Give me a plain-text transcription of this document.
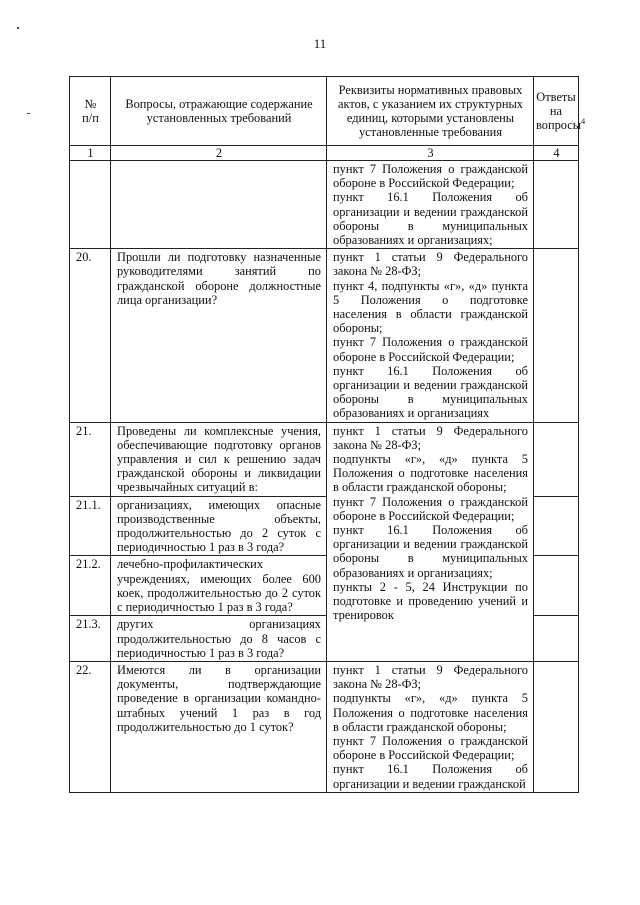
11
№
п/п	Вопросы, отражающие содержание установленных требований	Реквизиты нормативных правовых актов, с указанием их структурных единиц, которыми установлены установленные требования	Ответы на вопросы$^4$
1	2	3	4

		пункт 7 Положения о гражданской обороне в Российской Федерации;
пункт 16.1 Положения об организации и ведении гражданской обороны в муниципальных образованиях и организациях;	

20.	Прошли ли подготовку назначенные руководителями занятий по гражданской обороне должностные лица организации?	пункт 1 статьи 9 Федерального закона № 28-ФЗ;
пункт 4, подпункты «г», «д» пункта 5 Положения о подготовке населения в области гражданской обороны;
пункт 7 Положения о гражданской обороне в Российской Федерации;
пункт 16.1 Положения об организации и ведении гражданской обороны в муниципальных образованиях и организациях	

21.	Проведены ли комплексные учения, обеспечивающие подготовку органов управления и сил к решению задач гражданской обороны и ликвидации чрезвычайных ситуаций в:	пункт 1 статьи 9 Федерального закона № 28-ФЗ;
подпункты «г», «д» пункта 5 Положения о подготовке населения в области гражданской обороны;
пункт 7 Положения о гражданской обороне в Российской Федерации;
пункт 16.1 Положения об организации и ведении гражданской обороны в муниципальных образованиях и организациях;
пункты 2 - 5, 24 Инструкции по подготовке и проведению учений и тренировок	

21.1.	организациях, имеющих опасные производственные объекты, продолжительностью до 2 суток с периодичностью 1 раз в 3 года?		
21.2.	лечебно-профилактических учреждениях, имеющих более 600 коек, продолжительностью до 2 суток с периодичностью 1 раз в 3 года?		
21.3.	других организациях продолжительностью до 8 часов с периодичностью 1 раз в 3 года?		
22.	Имеются ли в организации документы, подтверждающие проведение в организации командно-штабных учений 1 раз в год продолжительностью до 1 суток?	пункт 1 статьи 9 Федерального закона № 28-ФЗ;
подпункты «г», «д» пункта 5 Положения о подготовке населения в области гражданской обороны;
пункт 7 Положения о гражданской обороне в Российской Федерации;
пункт 16.1 Положения об организации и ведении гражданской	
